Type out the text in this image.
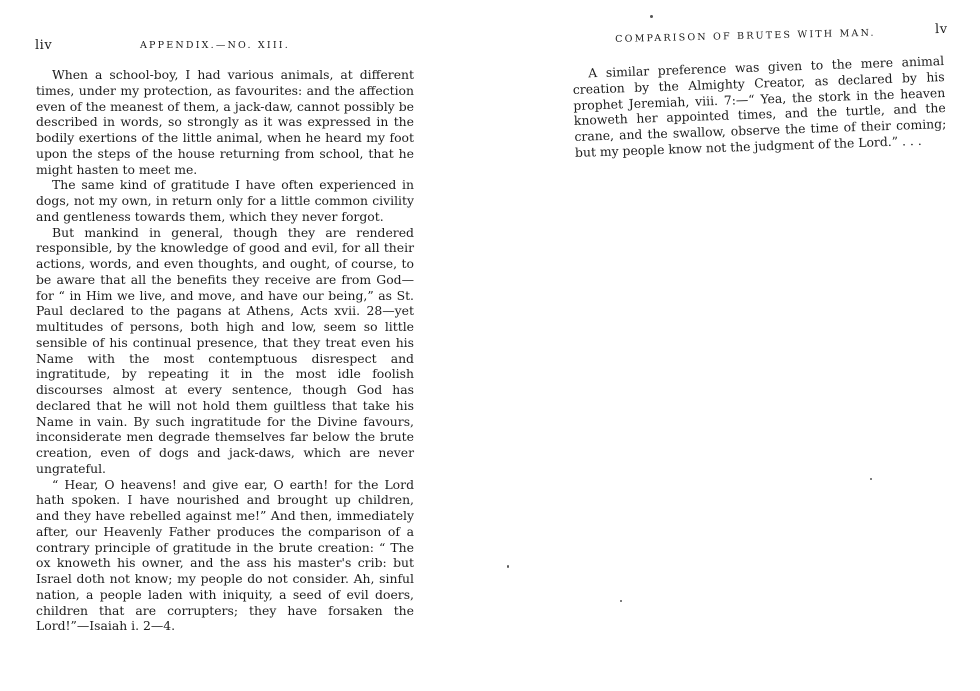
liv	APPENDIX.—NO. XIII.

When a school-boy, I had various animals, at different times, under my protection, as favourites: and the affection even of the meanest of them, a jack-daw, cannot possibly be described in words, so strongly as it was expressed in the bodily exertions of the little animal, when he heard my foot upon the steps of the house returning from school, that he might hasten to meet me.

The same kind of gratitude I have often experienced in dogs, not my own, in return only for a little common civility and gentleness towards them, which they never forgot.

But mankind in general, though they are rendered responsible, by the knowledge of good and evil, for all their actions, words, and even thoughts, and ought, of course, to be aware that all the benefits they receive are from God—for “ in Him we live, and move, and have our being,” as St. Paul declared to the pagans at Athens, Acts xvii. 28—yet multitudes of persons, both high and low, seem so little sensible of his continual presence, that they treat even his Name with the most contemptuous disrespect and ingratitude, by repeating it in the most idle foolish discourses almost at every sentence, though God has declared that he will not hold them guiltless that take his Name in vain. By such ingratitude for the Divine favours, inconsiderate men degrade themselves far below the brute creation, even of dogs and jack-daws, which are never ungrateful.

“ Hear, O heavens! and give ear, O earth! for the Lord hath spoken. I have nourished and brought up children, and they have rebelled against me!” And then, immediately after, our Heavenly Father produces the comparison of a contrary principle of gratitude in the brute creation: “ The ox knoweth his owner, and the ass his master's crib: but Israel doth not know; my people do not consider. Ah, sinful nation, a people laden with iniquity, a seed of evil doers, children that are corrupters; they have forsaken the Lord!”—Isaiah i. 2—4.

COMPARISON OF BRUTES WITH MAN.	lv

A similar preference was given to the mere animal creation by the Almighty Creator, as declared by his prophet Jeremiah, viii. 7:—“ Yea, the stork in the heaven knoweth her appointed times, and the turtle, and the crane, and the swallow, observe the time of their coming; but my people know not the judgment of the Lord.” . . .
